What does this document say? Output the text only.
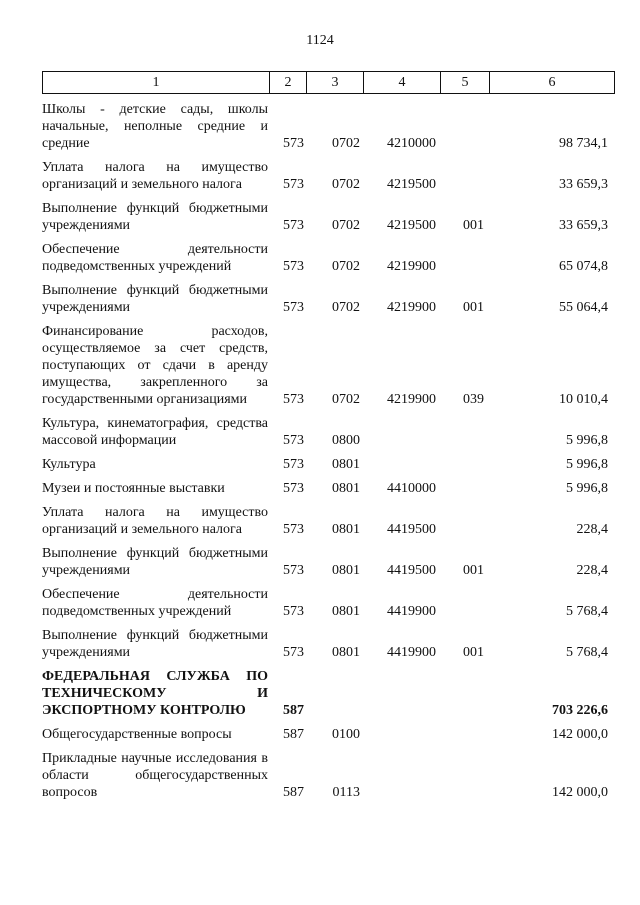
1124
1	2	3	4	5	6
Школы - детские сады, школы начальные, неполные средние и средние	573	0702	4210000		98 734,1
Уплата налога на имущество организаций и земельного налога	573	0702	4219500		33 659,3
Выполнение функций бюджетными учреждениями	573	0702	4219500	001	33 659,3
Обеспечение деятельности подведомственных учреждений	573	0702	4219900		65 074,8
Выполнение функций бюджетными учреждениями	573	0702	4219900	001	55 064,4
Финансирование расходов, осуществляемое за счет средств, поступающих от сдачи в аренду имущества, закрепленного за государственными организациями	573	0702	4219900	039	10 010,4
Культура, кинематография, средства массовой информации	573	0800			5 996,8
Культура	573	0801			5 996,8
Музеи и постоянные выставки	573	0801	4410000		5 996,8
Уплата налога на имущество организаций и земельного налога	573	0801	4419500		228,4
Выполнение функций бюджетными учреждениями	573	0801	4419500	001	228,4
Обеспечение деятельности подведомственных учреждений	573	0801	4419900		5 768,4
Выполнение функций бюджетными учреждениями	573	0801	4419900	001	5 768,4
ФЕДЕРАЛЬНАЯ СЛУЖБА ПО ТЕХНИЧЕСКОМУ И ЭКСПОРТНОМУ КОНТРОЛЮ	587				703 226,6
Общегосударственные вопросы	587	0100			142 000,0
Прикладные научные исследования в области общегосударственных вопросов	587	0113			142 000,0
